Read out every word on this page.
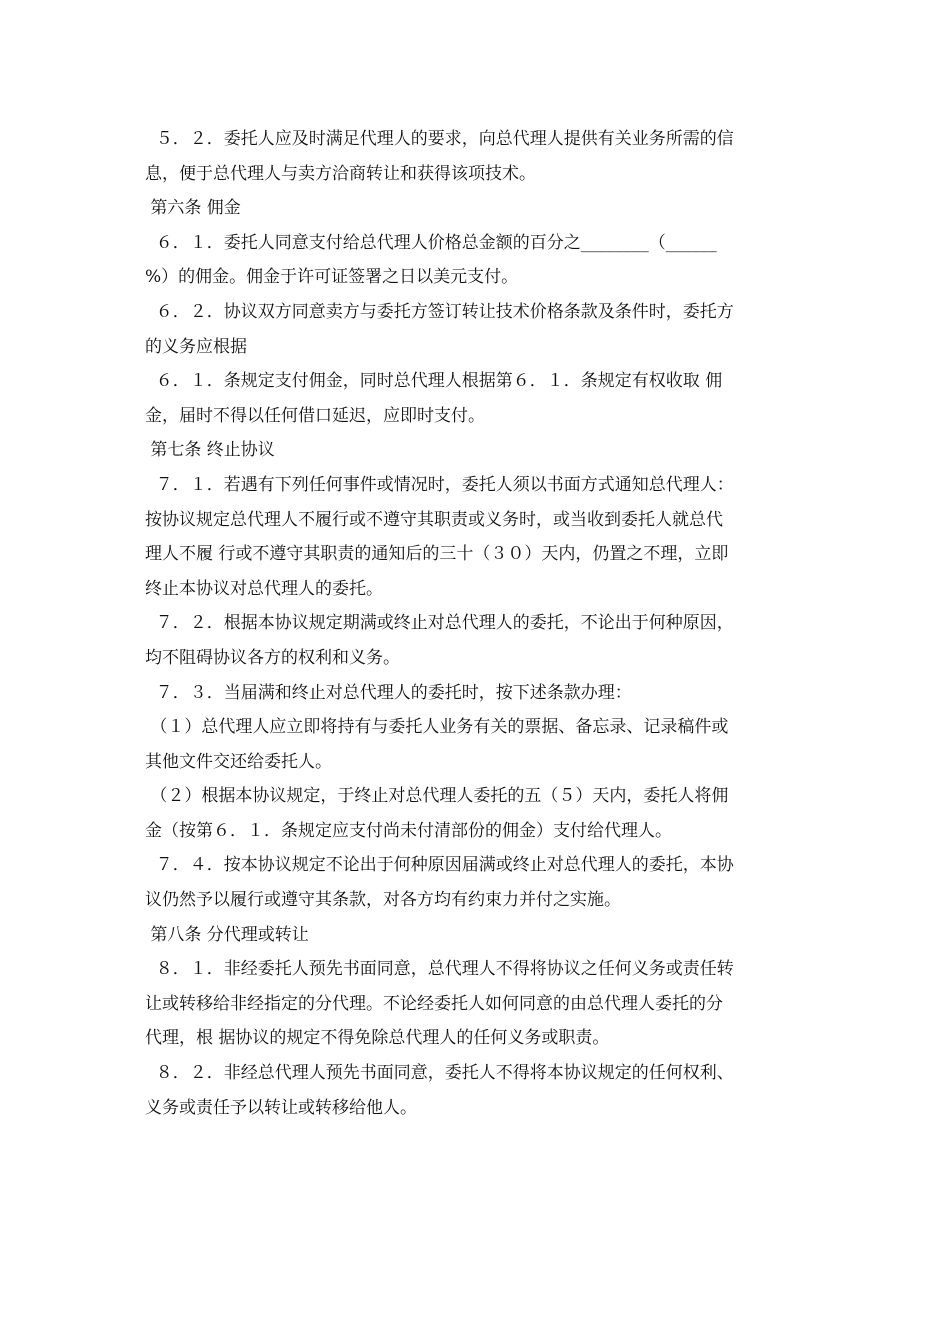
５．２．委托人应及时满足代理人的要求，向总代理人提供有关业务所需的信
息，便于总代理人与卖方洽商转让和获得该项技术。
第六条 佣金
６．１．委托人同意支付给总代理人价格总金额的百分之________（______
%）的佣金。佣金于许可证签署之日以美元支付。
６．２．协议双方同意卖方与委托方签订转让技术价格条款及条件时，委托方
的义务应根据
６．１．条规定支付佣金，同时总代理人根据第６．１．条规定有权收取 佣
金，届时不得以任何借口延迟，应即时支付。
第七条 终止协议
７．１．若遇有下列任何事件或情况时，委托人须以书面方式通知总代理人：
按协议规定总代理人不履行或不遵守其职责或义务时，或当收到委托人就总代
理人不履 行或不遵守其职责的通知后的三十（３０）天内，仍置之不理，立即
终止本协议对总代理人的委托。
７．２．根据本协议规定期满或终止对总代理人的委托，不论出于何种原因，
均不阻碍协议各方的权利和义务。
７．３．当届满和终止对总代理人的委托时，按下述条款办理：
（１）总代理人应立即将持有与委托人业务有关的票据、备忘录、记录稿件或
其他文件交还给委托人。
（２）根据本协议规定，于终止对总代理人委托的五（５）天内，委托人将佣
金（按第６．１．条规定应支付尚未付清部份的佣金）支付给代理人。
７．４．按本协议规定不论出于何种原因届满或终止对总代理人的委托，本协
议仍然予以履行或遵守其条款，对各方均有约束力并付之实施。
第八条 分代理或转让
８．１．非经委托人预先书面同意，总代理人不得将协议之任何义务或责任转
让或转移给非经指定的分代理。不论经委托人如何同意的由总代理人委托的分
代理，根 据协议的规定不得免除总代理人的任何义务或职责。
８．２．非经总代理人预先书面同意，委托人不得将本协议规定的任何权利、
义务或责任予以转让或转移给他人。
